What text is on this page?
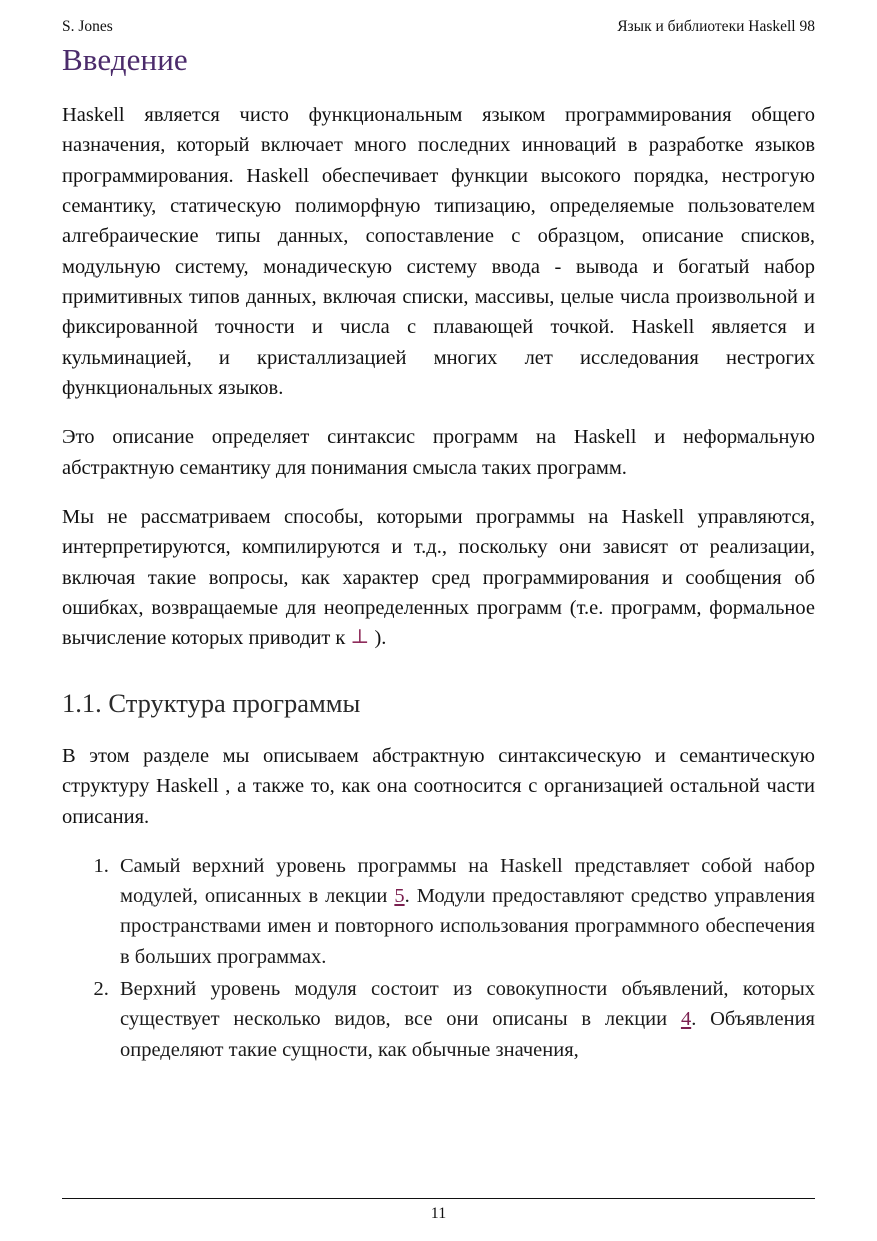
S. Jones	Язык и библиотеки Haskell 98
Введение

Haskell является чисто функциональным языком программирования общего назначения, который включает много последних инноваций в разработке языков программирования. Haskell обеспечивает функции высокого порядка, нестрогую семантику, статическую полиморфную типизацию, определяемые пользователем алгебраические типы данных, сопоставление с образцом, описание списков, модульную систему, монадическую систему ввода - вывода и богатый набор примитивных типов данных, включая списки, массивы, целые числа произвольной и фиксированной точности и числа с плавающей точкой. Haskell является и кульминацией, и кристаллизацией многих лет исследования нестрогих функциональных языков.

Это описание определяет синтаксис программ на Haskell и неформальную абстрактную семантику для понимания смысла таких программ.

Мы не рассматриваем способы, которыми программы на Haskell управляются, интерпретируются, компилируются и т.д., поскольку они зависят от реализации, включая такие вопросы, как характер сред программирования и сообщения об ошибках, возвращаемые для неопределенных программ (т.е. программ, формальное вычисление которых приводит к ⊥ ).

1.1. Структура программы

В этом разделе мы описываем абстрактную синтаксическую и семантическую структуру Haskell , а также то, как она соотносится с организацией остальной части описания.

1. Самый верхний уровень программы на Haskell представляет собой набор модулей, описанных в лекции 5. Модули предоставляют средство управления пространствами имен и повторного использования программного обеспечения в больших программах.
2. Верхний уровень модуля состоит из совокупности объявлений, которых существует несколько видов, все они описаны в лекции 4. Объявления определяют такие сущности, как обычные значения,
11
